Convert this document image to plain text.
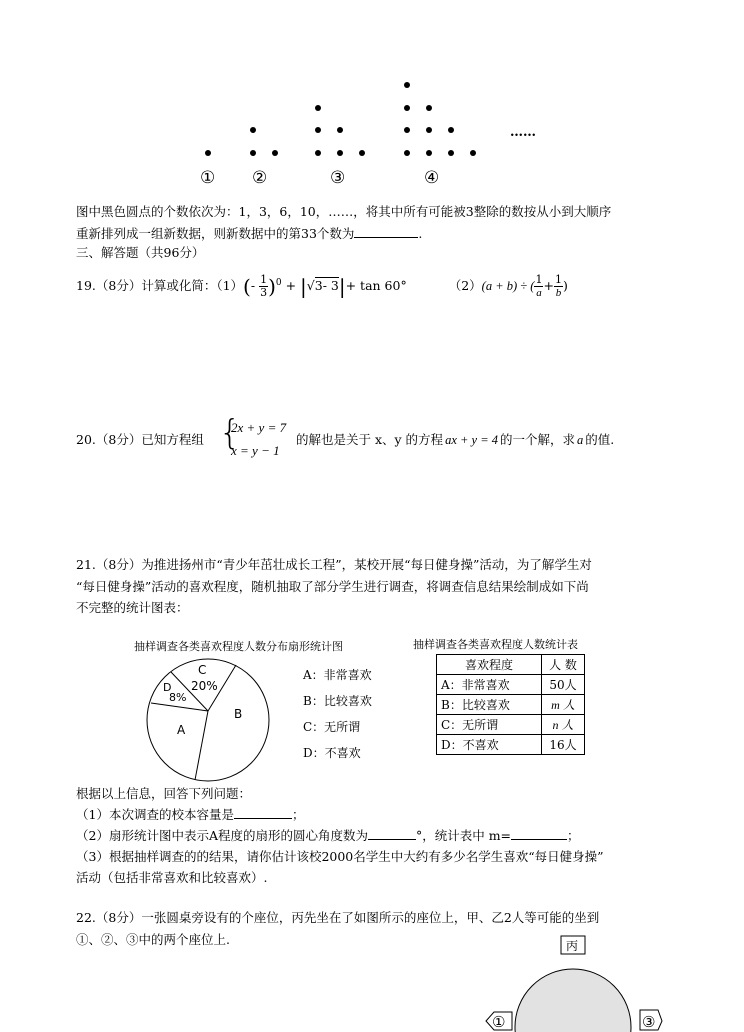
……
① ②	③	④
图中黑色圆点的个数依次为：1，3，6，10，……，将其中所有可能被3整除的数按从小到大顺序
重新排列成一组新数据，则新数据中的第33个数为	.
三、解答题（共96分）
19.（8分）计算或化简：$(1)(- \frac{1}{3} )^0 + |√3-$ 3|+ tan 60°	（2）(a + b) ÷ ( $\frac{1}{a} + \frac{1}{b}$ )
20.（8分）已知方程组 {
2x + y = 7
x = y − 1
的解也是关于 x、y 的方程 ax + y = 4 的一个解，求 a 的值.
21.（8分）为推进扬州市“青少年茁壮成长工程”，某校开展“每日健身操”活动，为了解学生对
“每日健身操”活动的喜欢程度，随机抽取了部分学生进行调查，将调查信息结果绘制成如下尚
不完整的统计图表：
抽样调查各类喜欢程度人数分布扇形统计图	抽样调查各类喜欢程度人数统计表
C
20%
D
8%
A
B
A：非常喜欢
B：比较喜欢
C：无所谓
D：不喜欢
喜欢程度	人 数
A：非常喜欢	50人
B：比较喜欢	m 人
C：无所谓	n 人
D：不喜欢	16人
根据以上信息，回答下列问题：
（1）本次调查的校本容量是	；
（2）扇形统计图中表示A程度的扇形的圆心角度数为	°，统计表中 m=	；
（3）根据抽样调查的的结果，请你估计该校2000名学生中大约有多少名学生喜欢“每日健身操”
活动（包括非常喜欢和比较喜欢）.
22.（8分）一张圆桌旁设有的个座位，丙先坐在了如图所示的座位上，甲、乙2人等可能的坐到
①、②、③中的两个座位上.	丙
①	③
